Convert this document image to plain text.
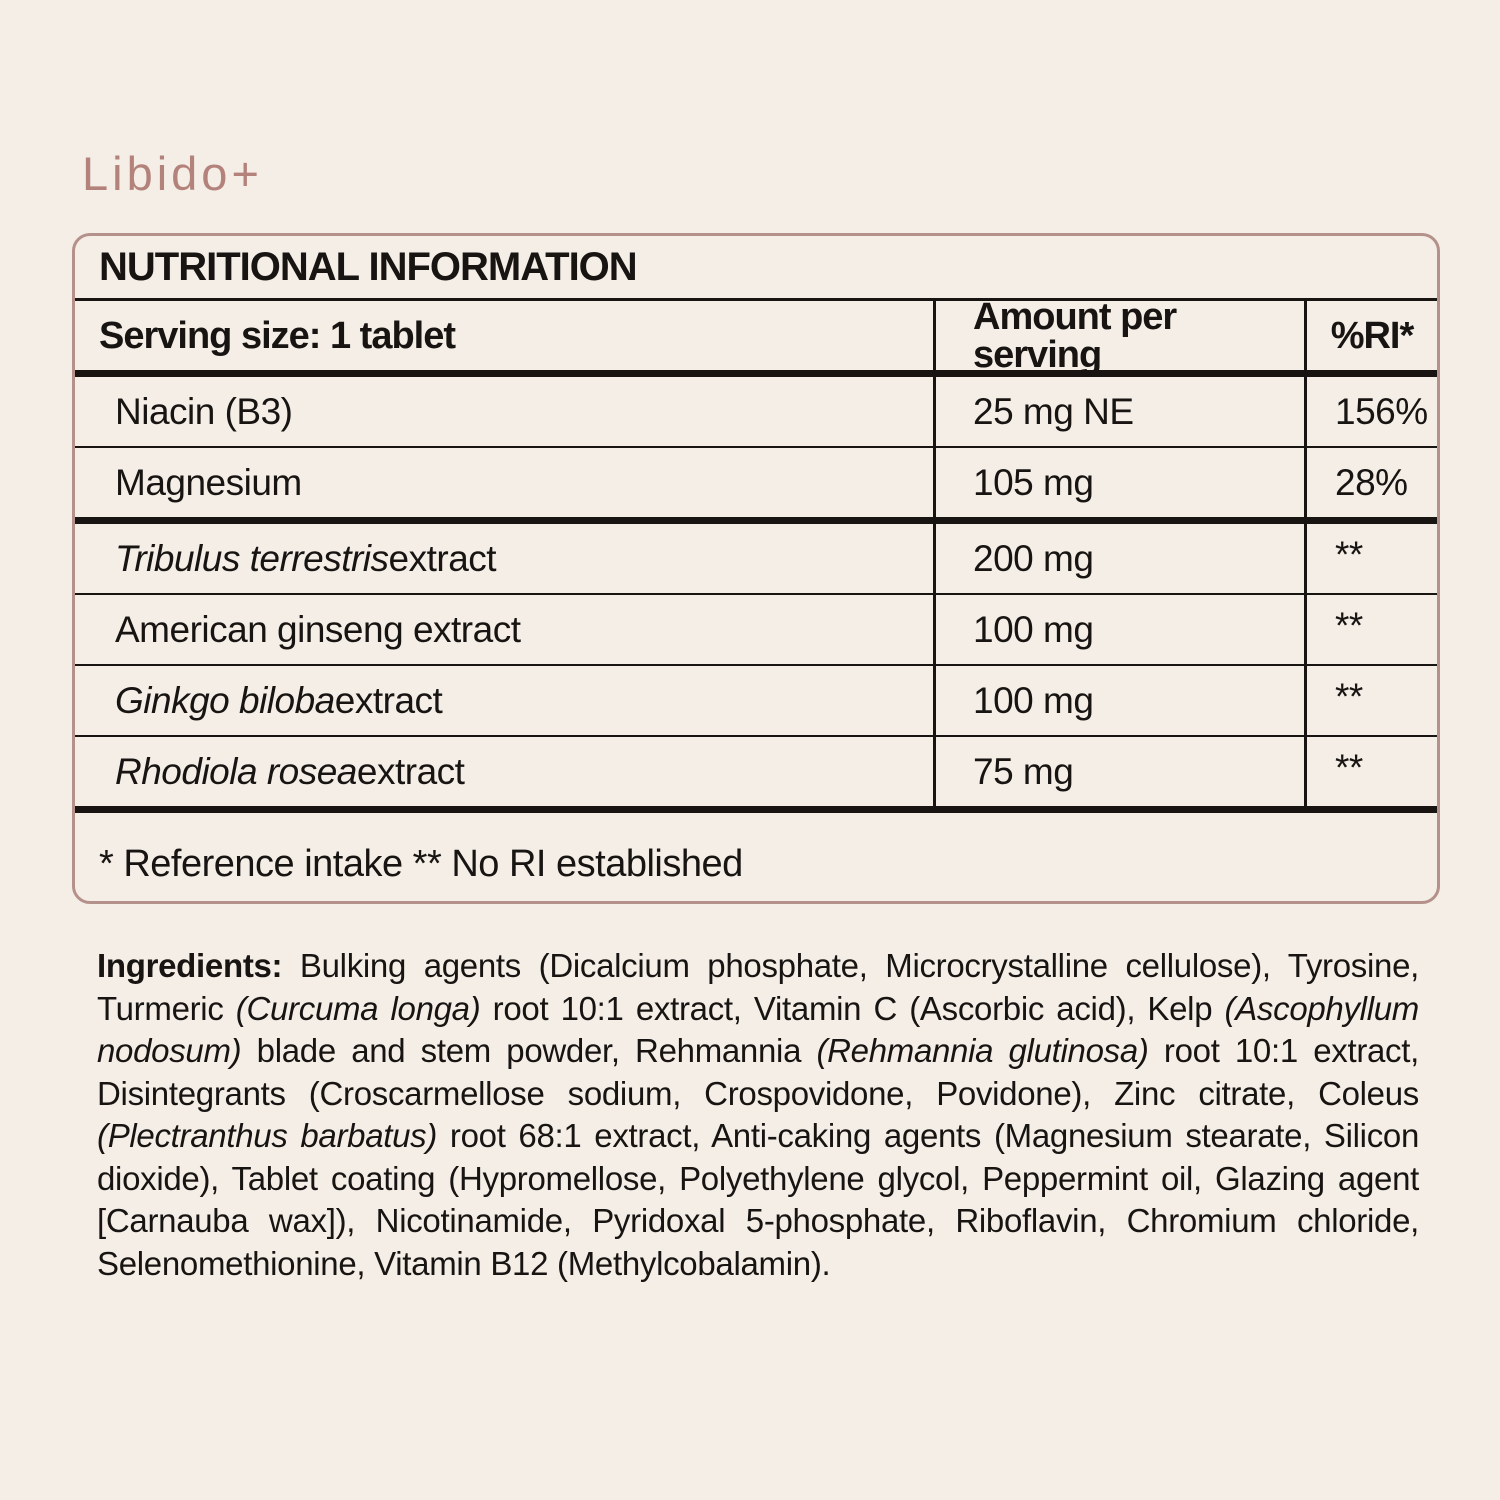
Libido+
NUTRITIONAL INFORMATION
Serving size: 1 tablet	Amount per serving	%RI*
Niacin (B3)	25 mg NE	156%
Magnesium	105 mg	28%
Tribulus terrestris extract	200 mg	**
American ginseng extract	100 mg	**
Ginkgo biloba extract	100 mg	**
Rhodiola rosea extract	75 mg	**
* Reference intake ** No RI established

Ingredients: Bulking agents (Dicalcium phosphate, Microcrystalline cellulose), Tyrosine, Turmeric (Curcuma longa) root 10:1 extract, Vitamin C (Ascorbic acid), Kelp (Ascophyllum nodosum) blade and stem powder, Rehmannia (Rehmannia glutinosa) root 10:1 extract, Disintegrants (Croscarmellose sodium, Crospovidone, Povidone), Zinc citrate, Coleus (Plectranthus barbatus) root 68:1 extract, Anti-caking agents (Magnesium stearate, Silicon dioxide), Tablet coating (Hypromellose, Polyethylene glycol, Peppermint oil, Glazing agent [Carnauba wax]), Nicotinamide, Pyridoxal 5-phosphate, Riboflavin, Chromium chloride, Selenomethionine, Vitamin B12 (Methylcobalamin).
